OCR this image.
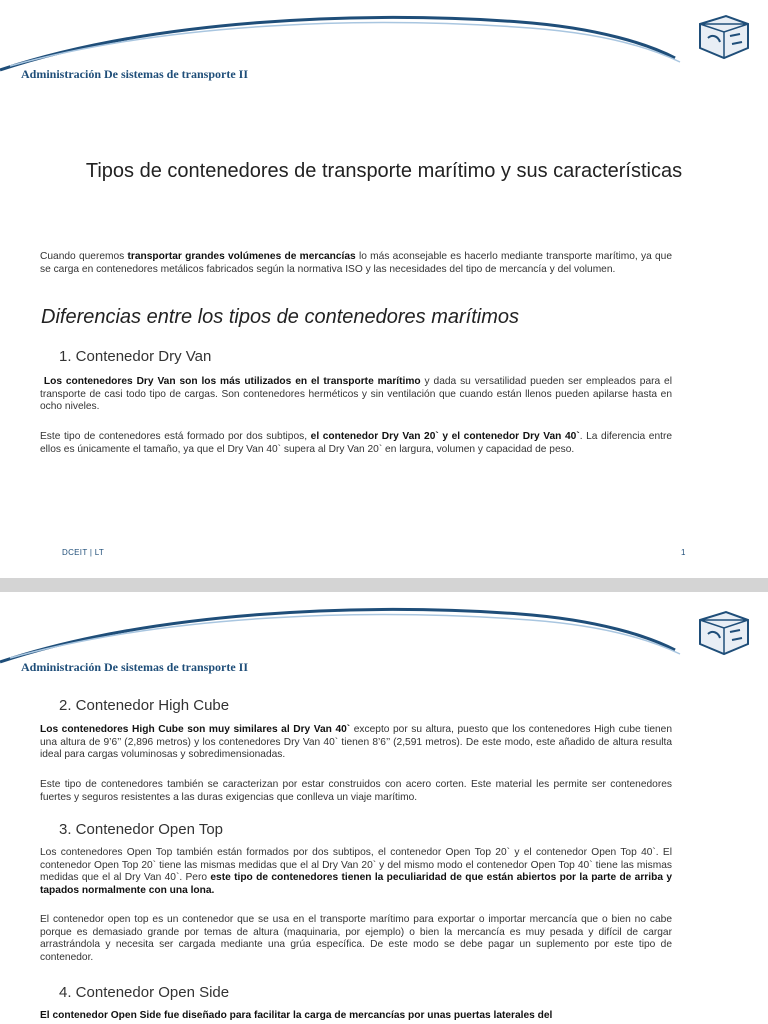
Administración De sistemas de transporte II
Tipos de contenedores de transporte marítimo y sus características

Cuando queremos transportar grandes volúmenes de mercancías lo más aconsejable es hacerlo mediante transporte marítimo, ya que se carga en contenedores metálicos fabricados según la normativa ISO y las necesidades del tipo de mercancía y del volumen.

Diferencias entre los tipos de contenedores marítimos
1. Contenedor Dry Van

Los contenedores Dry Van son los más utilizados en el transporte marítimo y dada su versatilidad pueden ser empleados para el transporte de casi todo tipo de cargas. Son contenedores herméticos y sin ventilación que cuando están llenos pueden apilarse hasta en ocho niveles.

Este tipo de contenedores está formado por dos subtipos, el contenedor Dry Van 20` y el contenedor Dry Van 40`. La diferencia entre ellos es únicamente el tamaño, ya que el Dry Van 40` supera al Dry Van 20` en largura, volumen y capacidad de peso.

DCEIT | LT	1
Administración De sistemas de transporte II
2. Contenedor High Cube

Los contenedores High Cube son muy similares al Dry Van 40` excepto por su altura, puesto que los contenedores High cube tienen una altura de 9’6’’ (2,896 metros) y los contenedores Dry Van 40` tienen 8’6’’ (2,591 metros). De este modo, este añadido de altura resulta ideal para cargas voluminosas y sobredimensionadas.

Este tipo de contenedores también se caracterizan por estar construidos con acero corten. Este material les permite ser contenedores fuertes y seguros resistentes a las duras exigencias que conlleva un viaje marítimo.

3. Contenedor Open Top

Los contenedores Open Top también están formados por dos subtipos, el contenedor Open Top 20` y el contenedor Open Top 40`. El contenedor Open Top 20` tiene las mismas medidas que el al Dry Van 20` y del mismo modo el contenedor Open Top 40` tiene las mismas medidas que el al Dry Van 40`. Pero este tipo de contenedores tienen la peculiaridad de que están abiertos por la parte de arriba y tapados normalmente con una lona.

El contenedor open top es un contenedor que se usa en el transporte marítimo para exportar o importar mercancía que o bien no cabe porque es demasiado grande por temas de altura (maquinaria, por ejemplo) o bien la mercancía es muy pesada y difícil de cargar arrastrándola y necesita ser cargada mediante una grúa específica. De este modo se debe pagar un suplemento por este tipo de contenedor.

4. Contenedor Open Side

El contenedor Open Side fue diseñado para facilitar la carga de mercancías por unas puertas laterales del
